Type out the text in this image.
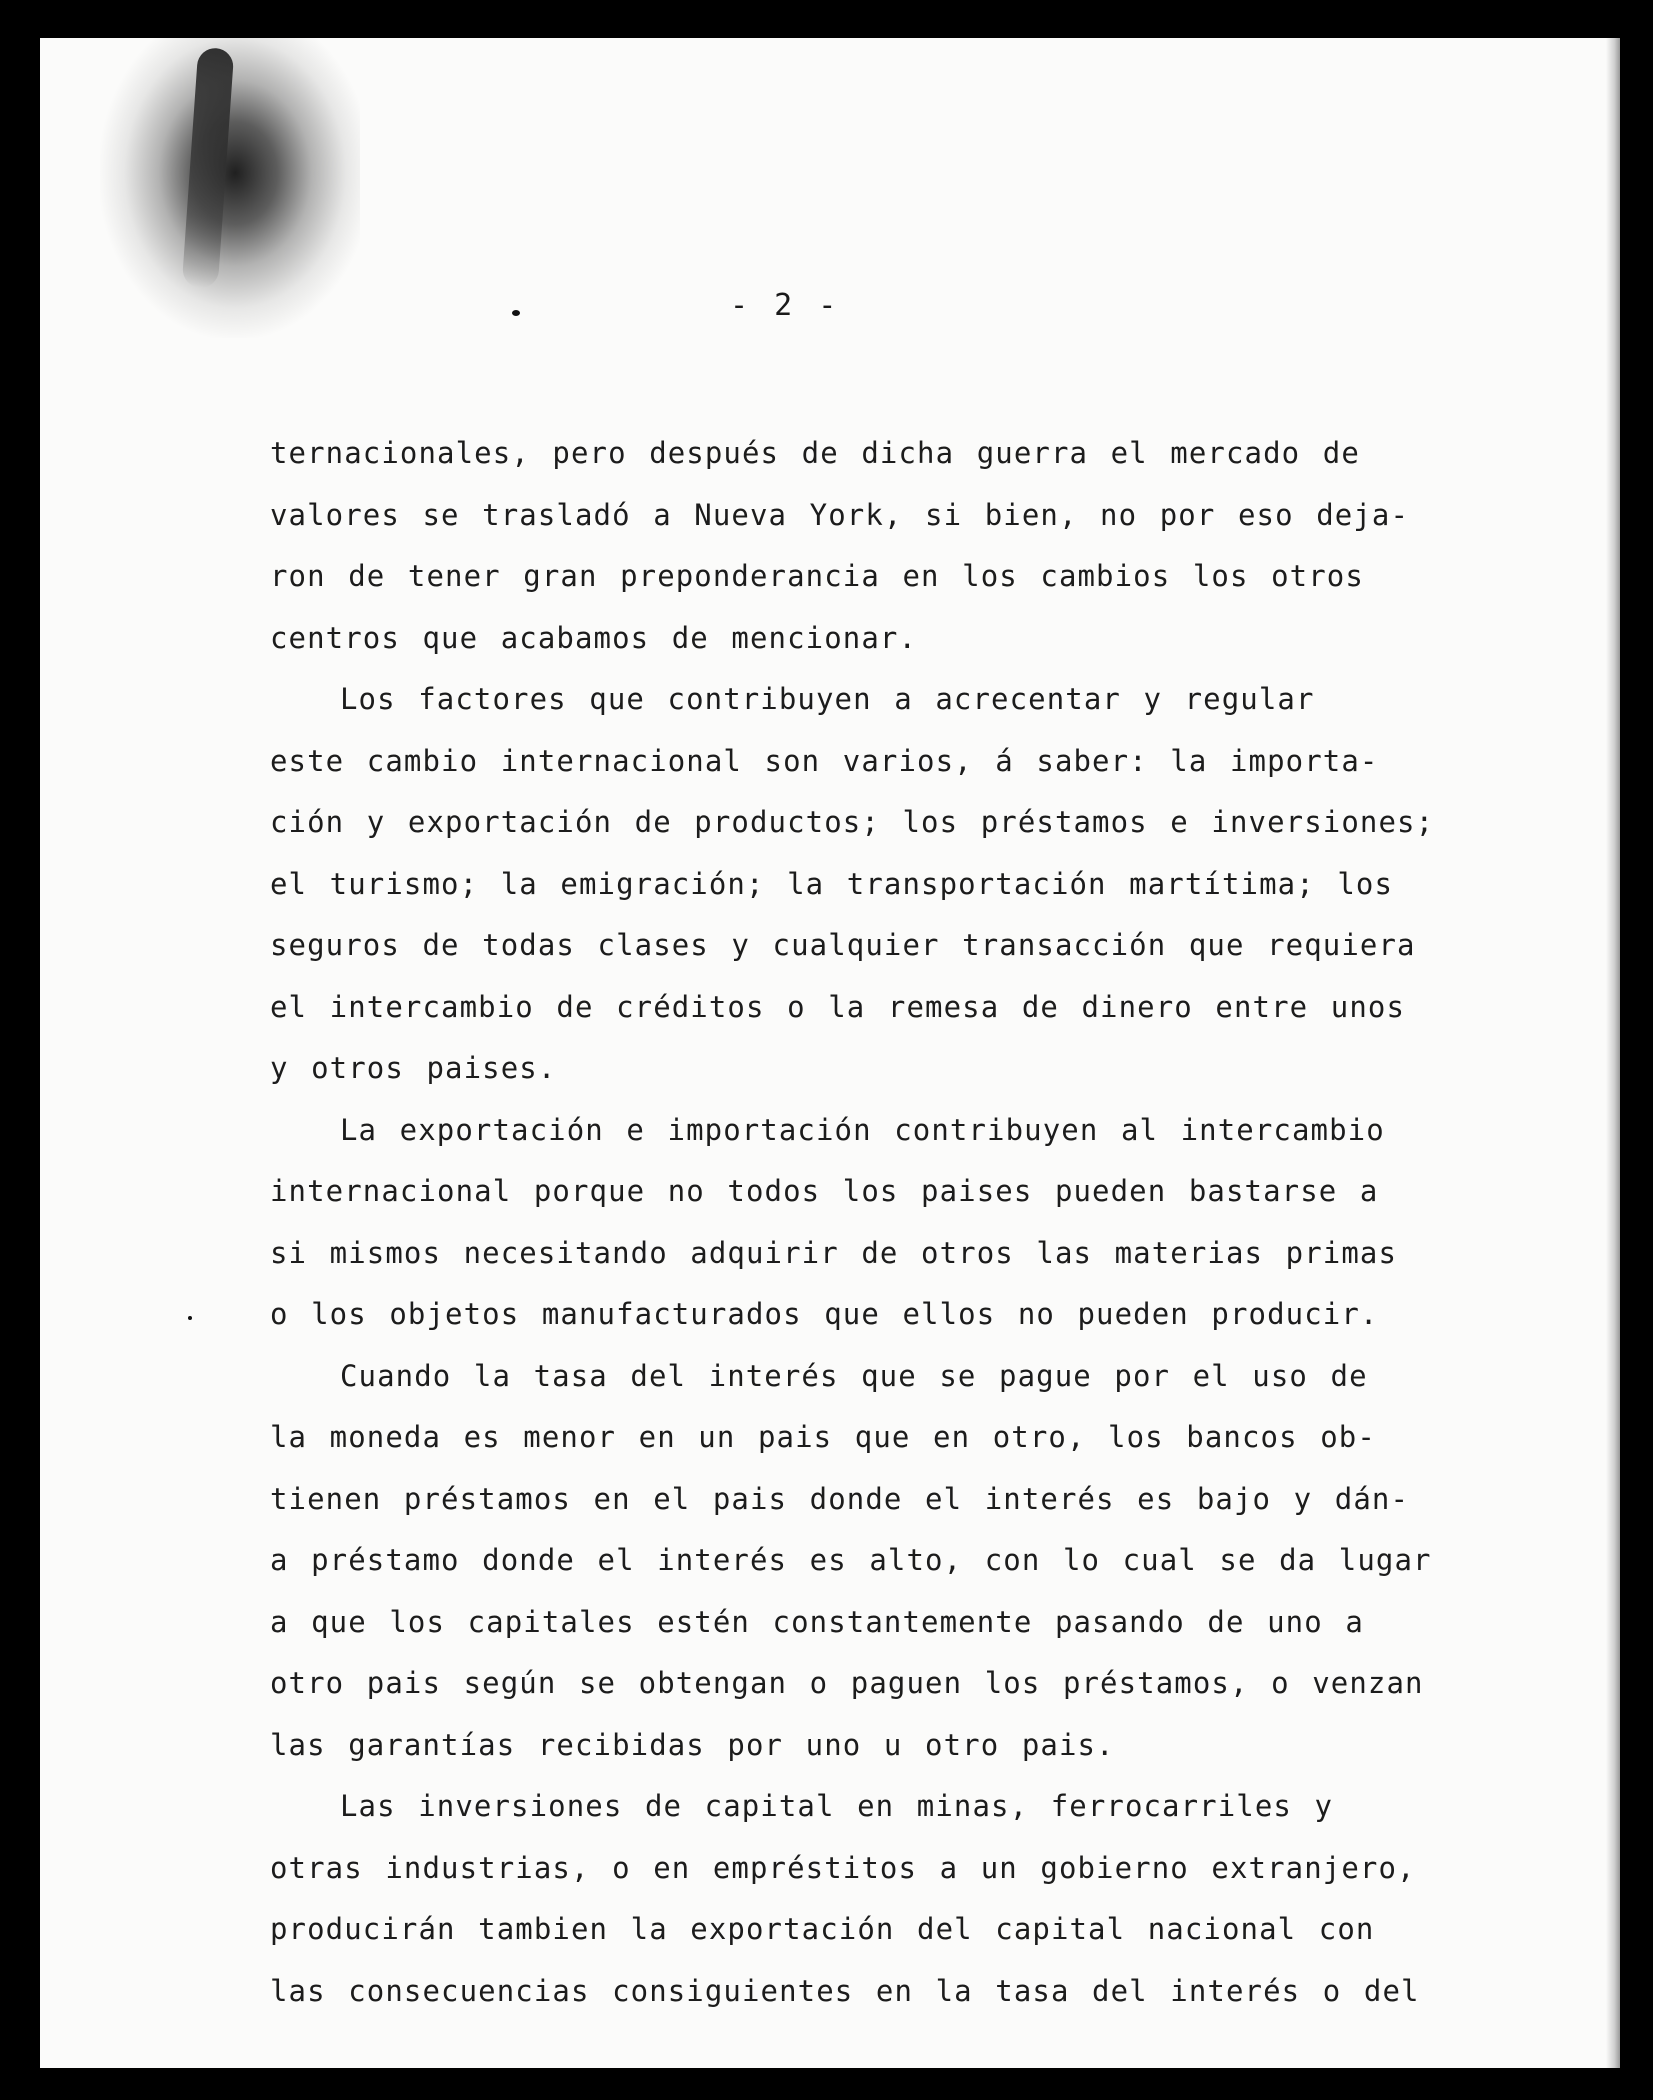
- 2 -
ternacionales, pero después de dicha guerra el mercado de
valores se trasladó a Nueva York, si bien, no por eso deja-
ron de tener gran preponderancia en los cambios los otros
centros que acabamos de mencionar.
Los factores que contribuyen a acrecentar y regular
este cambio internacional son varios, á saber: la importa-
ción y exportación de productos; los préstamos e inversiones;
el turismo; la emigración; la transportación martítima; los
seguros de todas clases y cualquier transacción que requiera
el intercambio de créditos o la remesa de dinero entre unos
y otros paises.
La exportación e importación contribuyen al intercambio
internacional porque no todos los paises pueden bastarse a
si mismos necesitando adquirir de otros las materias primas
o los objetos manufacturados que ellos no pueden producir.
Cuando la tasa del interés que se pague por el uso de
la moneda es menor en un pais que en otro, los bancos ob-
tienen préstamos en el pais donde el interés es bajo y dán-
a préstamo donde el interés es alto, con lo cual se da lugar
a que los capitales estén constantemente pasando de uno a
otro pais según se obtengan o paguen los préstamos, o venzan
las garantías recibidas por uno u otro pais.
Las inversiones de capital en minas, ferrocarriles y
otras industrias, o en empréstitos a un gobierno extranjero,
producirán tambien la exportación del capital nacional con
las consecuencias consiguientes en la tasa del interés o del
